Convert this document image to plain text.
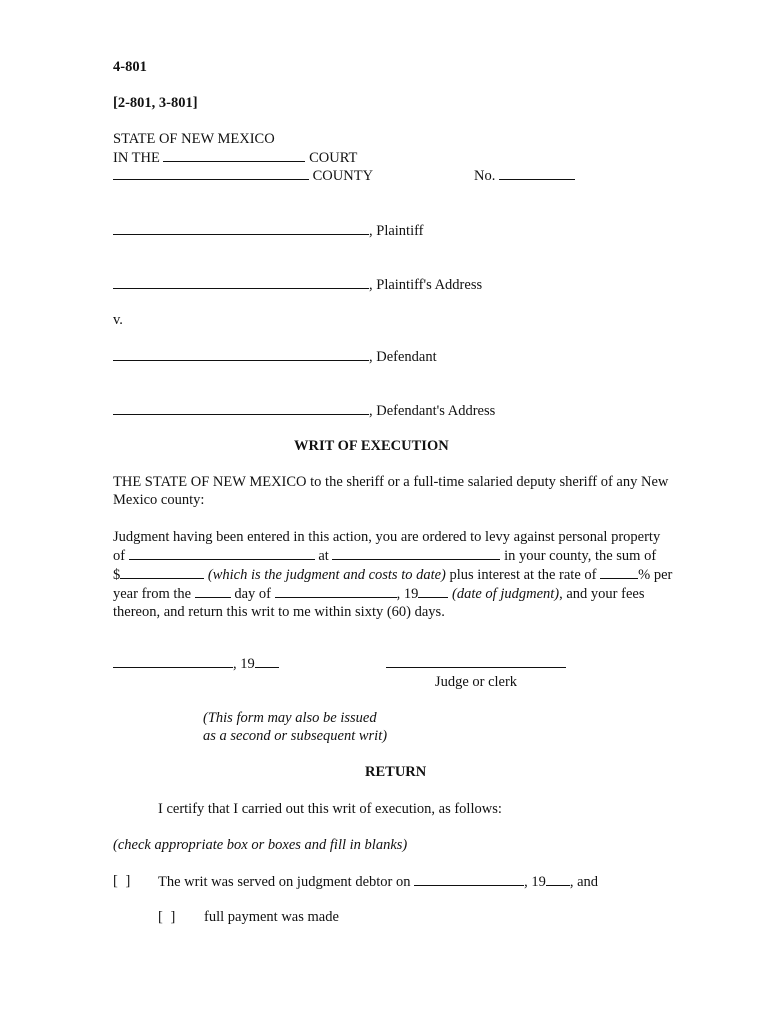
4-801
[2-801, 3-801]
STATE OF NEW MEXICO
IN THE	COURT
COUNTY	No.
, Plaintiff
, Plaintiff's Address
v.
, Defendant
, Defendant's Address
WRIT OF EXECUTION
THE STATE OF NEW MEXICO to the sheriff or a full-time salaried deputy sheriff of any New
Mexico county:
Judgment having been entered in this action, you are ordered to levy against personal property
of	at	in your county, the sum of
$	(which is the judgment and costs to date) plus interest at the rate of	% per
year from the	day of	, 19 (date of judgment), and your fees
thereon, and return this writ to me within sixty (60) days.
, 19
Judge or clerk
(This form may also be issued
as a second or subsequent writ)
RETURN
I certify that I carried out this writ of execution, as follows:
(check appropriate box or boxes and fill in blanks)
[ ] The writ was served on judgment debtor on	, 19 , and
[ ] full payment was made
